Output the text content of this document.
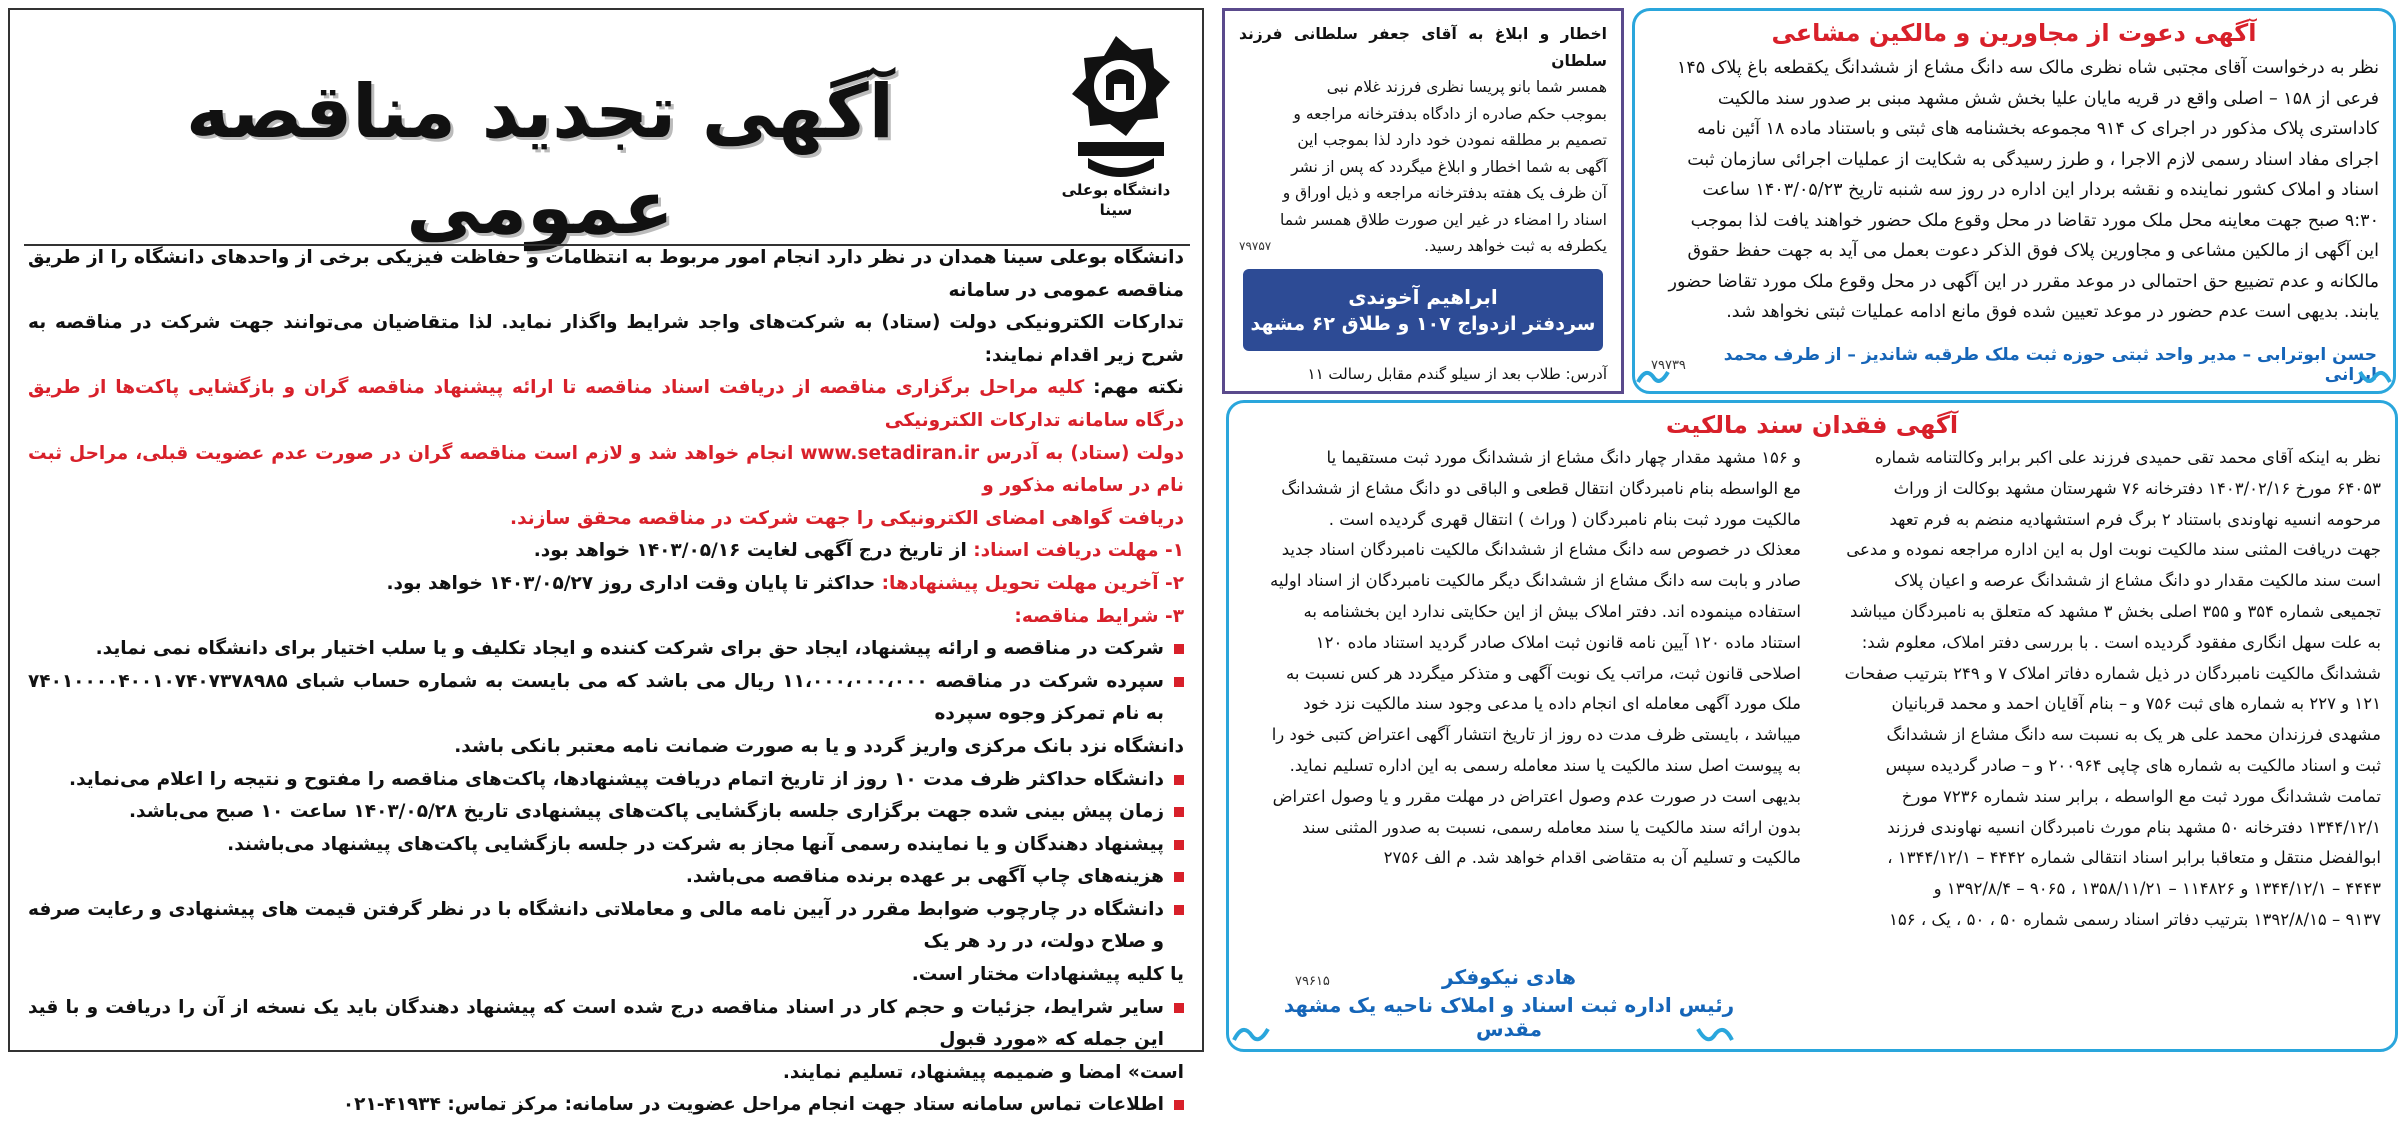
دانشگاه بوعلی سینا
آگهی تجدید مناقصه عمومی

دانشگاه بوعلی سینا همدان در نظر دارد انجام امور مربوط به انتظامات و حفاظت فیزیکی برخی از واحدهای دانشگاه را از طریق مناقصه عمومی در سامانه

تدارکات الکترونیکی دولت (ستاد) به شرکت‌های واجد شرایط واگذار نماید. لذا متقاضیان می‌توانند جهت شرکت در مناقصه به شرح زیر اقدام نمایند:

نکته مهم: کلیه مراحل برگزاری مناقصه از دریافت اسناد مناقصه تا ارائه پیشنهاد مناقصه گران و بازگشایی پاکت‌ها از طریق درگاه سامانه تدارکات الکترونیکی

دولت (ستاد) به آدرس www.setadiran.ir انجام خواهد شد و لازم است مناقصه گران در صورت عدم عضویت قبلی، مراحل ثبت نام در سامانه مذکور و

دریافت گواهی امضای الکترونیکی را جهت شرکت در مناقصه محقق سازند.

۱- مهلت دریافت اسناد: از تاریخ درج آگهی لغایت ۱۴۰۳/۰۵/۱۶ خواهد بود.

۲- آخرین مهلت تحویل پیشنهادها: حداکثر تا پایان وقت اداری روز ۱۴۰۳/۰۵/۲۷ خواهد بود.

۳- شرایط مناقصه:

شرکت در مناقصه و ارائه پیشنهاد، ایجاد حق برای شرکت کننده و ایجاد تکلیف و یا سلب اختیار برای دانشگاه نمی نماید.

سپرده شرکت در مناقصه ۱۱،۰۰۰،۰۰۰،۰۰۰ ریال می باشد که می بایست به شماره حساب شبای ۷۴۰۱۰۰۰۰۴۰۰۱۰۷۴۰۷۳۷۸۹۸۵ به نام تمرکز وجوه سپرده

دانشگاه نزد بانک مرکزی واریز گردد و یا به صورت ضمانت نامه معتبر بانکی باشد.

دانشگاه حداکثر ظرف مدت ۱۰ روز از تاریخ اتمام دریافت پیشنهادها، پاکت‌های مناقصه را مفتوح و نتیجه را اعلام می‌نماید.

زمان پیش بینی شده جهت برگزاری جلسه بازگشایی پاکت‌های پیشنهادی تاریخ ۱۴۰۳/۰۵/۲۸ ساعت ۱۰ صبح می‌باشد.

پیشنهاد دهندگان و یا نماینده رسمی آنها مجاز به شرکت در جلسه بازگشایی پاکت‌های پیشنهاد می‌باشند.

هزینه‌های چاپ آگهی بر عهده برنده مناقصه می‌باشد.

دانشگاه در چارچوب ضوابط مقرر در آیین نامه مالی و معاملاتی دانشگاه با در نظر گرفتن قیمت های پیشنهادی و رعایت صرفه و صلاح دولت، در رد هر یک

یا کلیه پیشنهادات مختار است.

سایر شرایط، جزئیات و حجم کار در اسناد مناقصه درج شده است که پیشنهاد دهندگان باید یک نسخه از آن را دریافت و با قید این جمله که «مورد قبول

است» امضا و ضمیمه پیشنهاد، تسلیم نمایند.

اطلاعات تماس سامانه ستاد جهت انجام مراحل عضویت در سامانه: مرکز تماس: ۴۱۹۳۴-۰۲۱

اخطار و ابلاغ به آقای جعفر سلطانی فرزند سلطان

همسر شما بانو پریسا نظری فرزند غلام نبی

بموجب حکم صادره از دادگاه بدفترخانه مراجعه و

تصمیم بر مطلقه نمودن خود دارد لذا بموجب این

آگهی به شما اخطار و ابلاغ میگردد که پس از نشر

آن ظرف یک هفته بدفترخانه مراجعه و ذیل اوراق و

اسناد را امضاء در غیر این صورت طلاق همسر شما

یکطرفه به ثبت خواهد رسید.
۷۹۷۵۷

ابراهیم آخوندی
سردفتر ازدواج ۱۰۷ و طلاق ۶۲ مشهد
آدرس: طلاب بعد از سیلو گندم مقابل رسالت ۱۱
آگهی دعوت از مجاورین و مالکین مشاعی

نظر به درخواست آقای مجتبی شاه نظری مالک سه دانگ مشاع از ششدانگ یکقطعه باغ پلاک ۱۴۵

فرعی از ۱۵۸ – اصلی واقع در قریه مایان علیا بخش شش مشهد مبنی بر صدور سند مالکیت

کاداستری پلاک مذکور در اجرای ک ۹۱۴ مجموعه بخشنامه های ثبتی و باستناد ماده ۱۸ آئین نامه

اجرای مفاد اسناد رسمی لازم الاجرا ، و طرز رسیدگی به شکایت از عملیات اجرائی سازمان ثبت

اسناد و املاک کشور نماینده و نقشه بردار این اداره در روز سه شنبه تاریخ ۱۴۰۳/۰۵/۲۳ ساعت

۹:۳۰ صبح جهت معاینه محل ملک مورد تقاضا در محل وقوع ملک حضور خواهند یافت لذا بموجب

این آگهی از مالکین مشاعی و مجاورین پلاک فوق الذکر دعوت بعمل می آید به جهت حفظ حقوق

مالکانه و عدم تضییع حق احتمالی در موعد مقرر در این آگهی در محل وقوع ملک مورد تقاضا حضور

یابند. بدیهی است عدم حضور در موعد تعیین شده فوق مانع ادامه عملیات ثبتی نخواهد شد.

حسن ابوترابی – مدیر واحد ثبتی حوزه ثبت ملک طرقبه شاندیز – از طرف محمد ایرانی
۷۹۷۳۹
آگهی فقدان سند مالکیت

نظر به اینکه آقای محمد تقی حمیدی فرزند علی اکبر برابر وکالتنامه شماره

۶۴۰۵۳ مورخ ۱۴۰۳/۰۲/۱۶ دفترخانه ۷۶ شهرستان مشهد بوکالت از وراث

مرحومه انسیه نهاوندی باستناد ۲ برگ فرم استشهادیه منضم به فرم تعهد

جهت دریافت المثنی سند مالکیت نوبت اول به این اداره مراجعه نموده و مدعی

است سند مالکیت مقدار دو دانگ مشاع از ششدانگ عرصه و اعیان پلاک

تجمیعی شماره ۳۵۴ و ۳۵۵ اصلی بخش ۳ مشهد که متعلق به نامبردگان میباشد

به علت سهل انگاری مفقود گردیده است . با بررسی دفتر املاک، معلوم شد:

ششدانگ مالکیت نامبردگان در ذیل شماره دفاتر املاک ۷ و ۲۴۹ بترتیب صفحات

۱۲۱ و ۲۲۷ به شماره های ثبت ۷۵۶ و – بنام آقایان احمد و محمد قربانیان

مشهدی فرزندان محمد علی هر یک به نسبت سه دانگ مشاع از ششدانگ

ثبت و اسناد مالکیت به شماره های چاپی ۲۰۰۹۶۴ و – صادر گردیده سپس

تمامت ششدانگ مورد ثبت مع الواسطه ، برابر سند شماره ۷۲۳۶ مورخ

۱۳۴۴/۱۲/۱ دفترخانه ۵۰ مشهد بنام مورث نامبردگان انسیه نهاوندی فرزند

ابوالفضل منتقل و متعاقبا برابر اسناد انتقالی شماره ۴۴۴۲ – ۱۳۴۴/۱۲/۱ ،

۴۴۴۳ – ۱۳۴۴/۱۲/۱ و ۱۱۴۸۲۶ – ۱۳۵۸/۱۱/۲۱ ، ۹۰۶۵ – ۱۳۹۲/۸/۴ و

۹۱۳۷ – ۱۳۹۲/۸/۱۵ بترتیب دفاتر اسناد رسمی شماره ۵۰ ، ۵۰ ، یک ، ۱۵۶

و ۱۵۶ مشهد مقدار چهار دانگ مشاع از ششدانگ مورد ثبت مستقیما یا

مع الواسطه بنام نامبردگان انتقال قطعی و الباقی دو دانگ مشاع از ششدانگ

مالکیت مورد ثبت بنام نامبردگان ( وراث ) انتقال قهری گردیده است .

معذلک در خصوص سه دانگ مشاع از ششدانگ مالکیت نامبردگان اسناد جدید

صادر و بابت سه دانگ مشاع از ششدانگ دیگر مالکیت نامبردگان از اسناد اولیه

استفاده مینموده اند. دفتر املاک بیش از این حکایتی ندارد این بخشنامه به

استناد ماده ۱۲۰ آیین نامه قانون ثبت املاک صادر گردید استناد ماده ۱۲۰

اصلاحی قانون ثبت، مراتب یک نوبت آگهی و متذکر میگردد هر کس نسبت به

ملک مورد آگهی معامله ای انجام داده یا مدعی وجود سند مالکیت نزد خود

میباشد ، بایستی ظرف مدت ده روز از تاریخ انتشار آگهی اعتراض کتبی خود را

به پیوست اصل سند مالکیت یا سند معامله رسمی به این اداره تسلیم نماید.

بدیهی است در صورت عدم وصول اعتراض در مهلت مقرر و یا وصول اعتراض

بدون ارائه سند مالکیت یا سند معامله رسمی، نسبت به صدور المثنی سند

مالکیت و تسلیم آن به متقاضی اقدام خواهد شد. م الف ۲۷۵۶

۷۹۶۱۵	هادی نیکوفکر
رئیس اداره ثبت اسناد و املاک ناحیه یک مشهد مقدس
